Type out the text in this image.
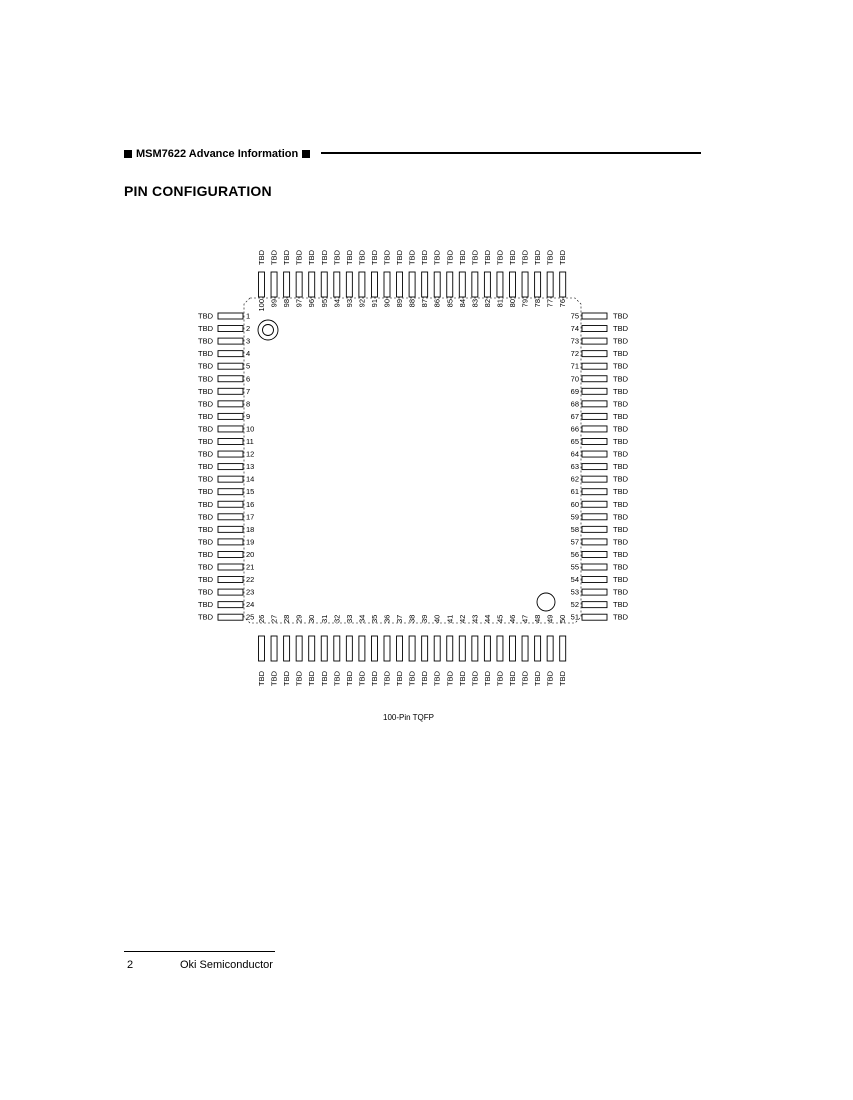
MSM7622 Advance Information
PIN CONFIGURATION
TBD	1	TBD
75
TBD	2	TBD
74
TBD	3	TBD
73
TBD	4	TBD
72
TBD	5	TBD
71
TBD	6	TBD
70
TBD	7	TBD
69
TBD	8	TBD
68
TBD	9	TBD
67
TBD	10	TBD
66
TBD	11	TBD
65
TBD	12	TBD
64
TBD	13	TBD
63
TBD	14	TBD
62
TBD	15	TBD
61
TBD	16	TBD
60
TBD	17	TBD
59
TBD	18	TBD
58
TBD	19	TBD
57
TBD	20	TBD
56
TBD	21	TBD
55
TBD	22	TBD
54
TBD	23	TBD
53
TBD	24	TBD
52
TBD	25	TBD
51
TBD
100
TBD
26
TBD
99
TBD
27
TBD
98
TBD
28
TBD
97
TBD
29
TBD
96
TBD
30
TBD
95
TBD
31
TBD
94
TBD
32
TBD
93
TBD
33
TBD
92
TBD
34
TBD
91
TBD
35
TBD
90
TBD
36
TBD
89
TBD
37
TBD
88
TBD
38
TBD
87
TBD
39
TBD
86
TBD
40
TBD
85
TBD
41
TBD
84
TBD
42
TBD
83
TBD
43
TBD
82
TBD
44
TBD
81
TBD
45
TBD
80
TBD
46
TBD
79
TBD
47
TBD
78
TBD
48
TBD
77
TBD
49
TBD
76
TBD
50
100-Pin TQFP
2	Oki Semiconductor
